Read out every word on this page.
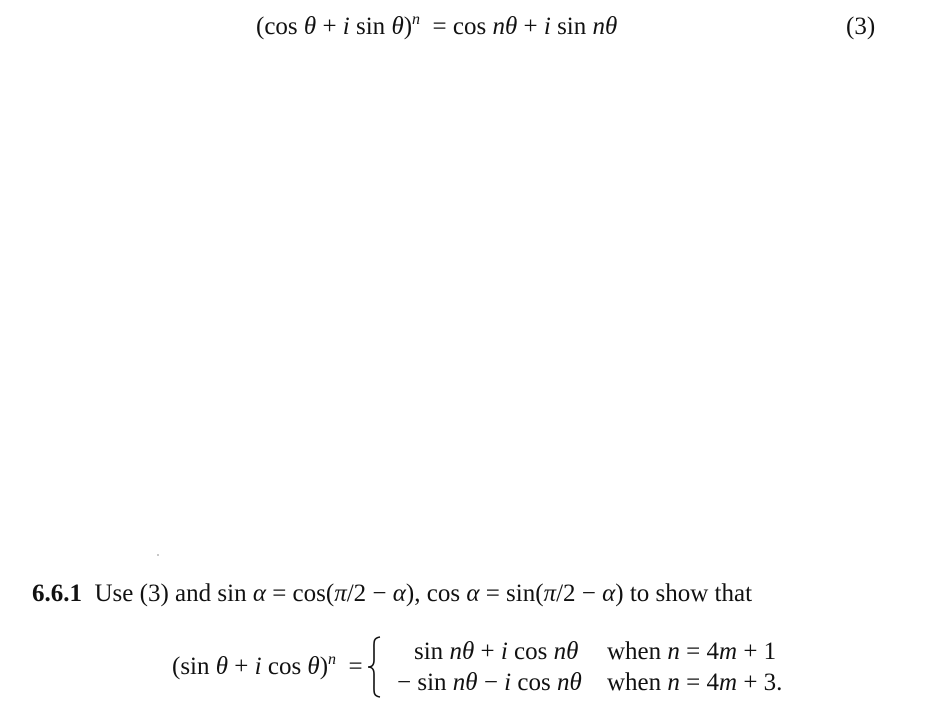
(cos θ + i sin θ)$^n$ = cos nθ + i sin nθ	(3)
6.6.1 Use (3) and sin α = cos(π/2 − α), cos α = sin(π/2 − α) to show that
(sin θ + i cos θ)$^n$ =
sin nθ + i cos nθ when n = 4m + 1
− sin nθ − i cos nθ when n = 4m + 3.
